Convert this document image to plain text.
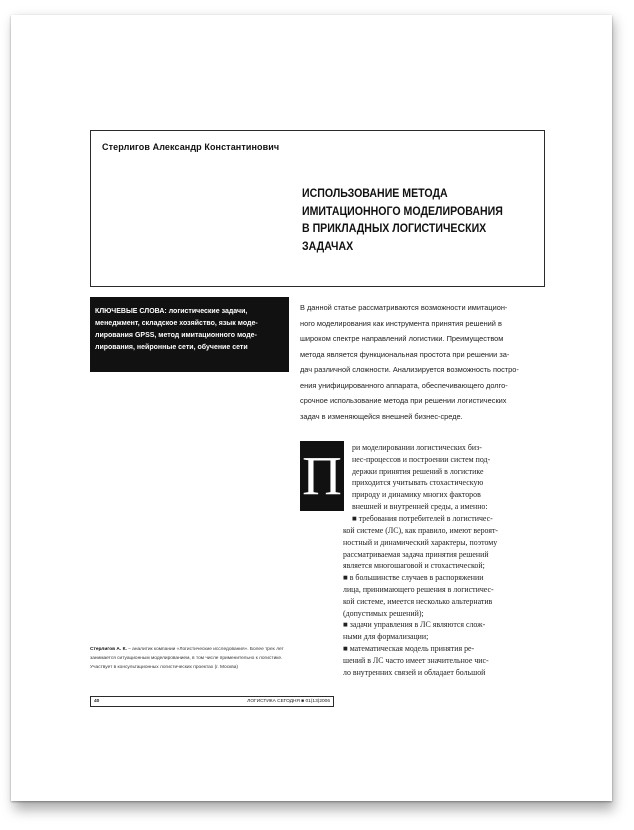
Стерлигов Александр Константинович
ИСПОЛЬЗОВАНИЕ МЕТОДА
ИМИТАЦИОННОГО МОДЕЛИРОВАНИЯ
В ПРИКЛАДНЫХ ЛОГИСТИЧЕСКИХ
ЗАДАЧАХ
КЛЮЧЕВЫЕ СЛОВА: логистические задачи,
менеджмент, складское хозяйство, язык моде-
лирования GPSS, метод имитационного моде-
лирования, нейронные сети, обучение сети
В данной статье рассматриваются возможности имитацион-
ного моделирования как инструмента принятия решений в
широком спектре направлений логистики. Преимуществом
метода является функциональная простота при решении за-
дач различной сложности. Анализируется возможность постро-
ения унифицированного аппарата, обеспечивающего долго-
срочное использование метода при решении логистических
задач в изменяющейся внешней бизнес-среде.
П ри моделировании логистических биз-
нес-процессов и построении систем под-
держки принятия решений в логистике
приходится учитывать стохастическую
природу и динамику многих факторов
внешней и внутренней среды, а именно:
■ требования потребителей в логистичес-
кой системе (ЛС), как правило, имеют вероят-
ностный и динамический характеры, поэтому
рассматриваемая задача принятия решений
является многошаговой и стохастической;
■ в большинстве случаев в распоряжении
лица, принимающего решения в логистичес-
кой системе, имеется несколько альтернатив
(допустимых решений);
■ задачи управления в ЛС являются слож-
ными для формализации;
■ математическая модель принятия ре-
шений в ЛС часто имеет значительное чис-
ло внутренних связей и обладает большой
Стерлигов А. К. – аналитик компании «Логистические исследования». Более трех лет
занимается ситуационным моделированием, в том числе применительно к логистике.
Участвует в консультационных логистических проектах (г. Москва)
40	ЛОГИСТИКА СЕГОДНЯ ■ 01(13)2006
